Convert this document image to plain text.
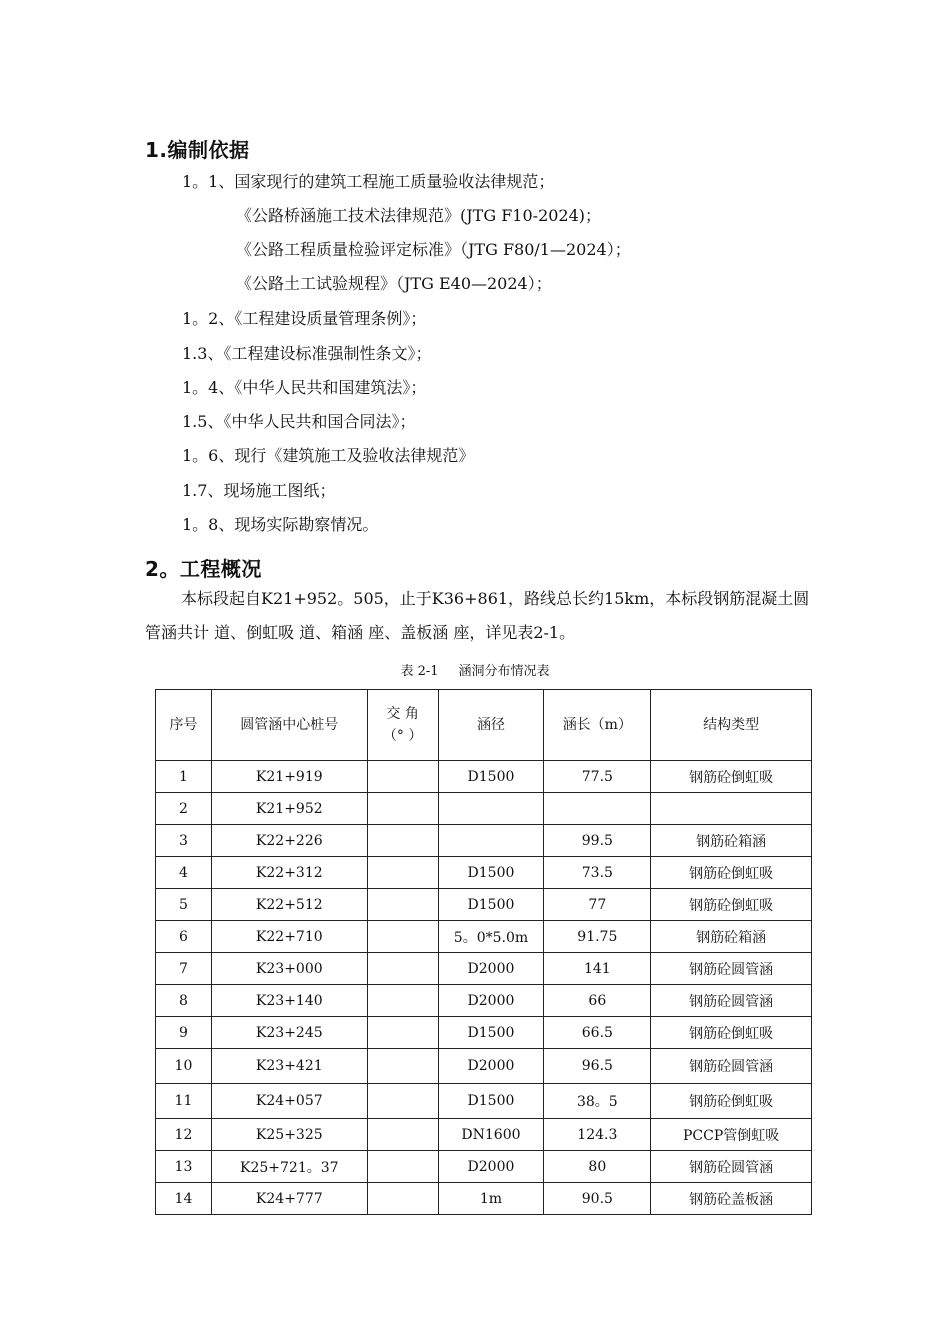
1.编制依据
1。1、国家现行的建筑工程施工质量验收法律规范；
《公路桥涵施工技术法律规范》(JTG F10-2024)；
《公路工程质量检验评定标准》（JTG F80/1—2024）；
《公路土工试验规程》（JTG E40—2024）；
1。2、《工程建设质量管理条例》；
1.3、《工程建设标准强制性条文》；
1。4、《中华人民共和国建筑法》；
1.5、《中华人民共和国合同法》；
1。6、现行《建筑施工及验收法律规范》
1.7、现场施工图纸；
1。8、现场实际勘察情况。
2。工程概况
本标段起自K21+952。505，止于K36+861，路线总长约15km，本标段钢筋混凝土圆管涵共计 道、倒虹吸 道、箱涵 座、盖板涵 座，详见表2-1。
表 2-1 涵洞分布情况表
序号	圆管涵中心桩号	交 角
（° ）	涵径	涵长（m）	结构类型
1	K21+919		D1500	77.5	钢筋砼倒虹吸
2	K21+952				
3	K22+226			99.5	钢筋砼箱涵
4	K22+312		D1500	73.5	钢筋砼倒虹吸
5	K22+512		D1500	77	钢筋砼倒虹吸
6	K22+710		5。0*5.0m	91.75	钢筋砼箱涵
7	K23+000		D2000	141	钢筋砼圆管涵
8	K23+140		D2000	66	钢筋砼圆管涵
9	K23+245		D1500	66.5	钢筋砼倒虹吸
10	K23+421		D2000	96.5	钢筋砼圆管涵
11	K24+057		D1500	38。5	钢筋砼倒虹吸
12	K25+325		DN1600	124.3	PCCP管倒虹吸
13	K25+721。37		D2000	80	钢筋砼圆管涵
14	K24+777		1m	90.5	钢筋砼盖板涵
